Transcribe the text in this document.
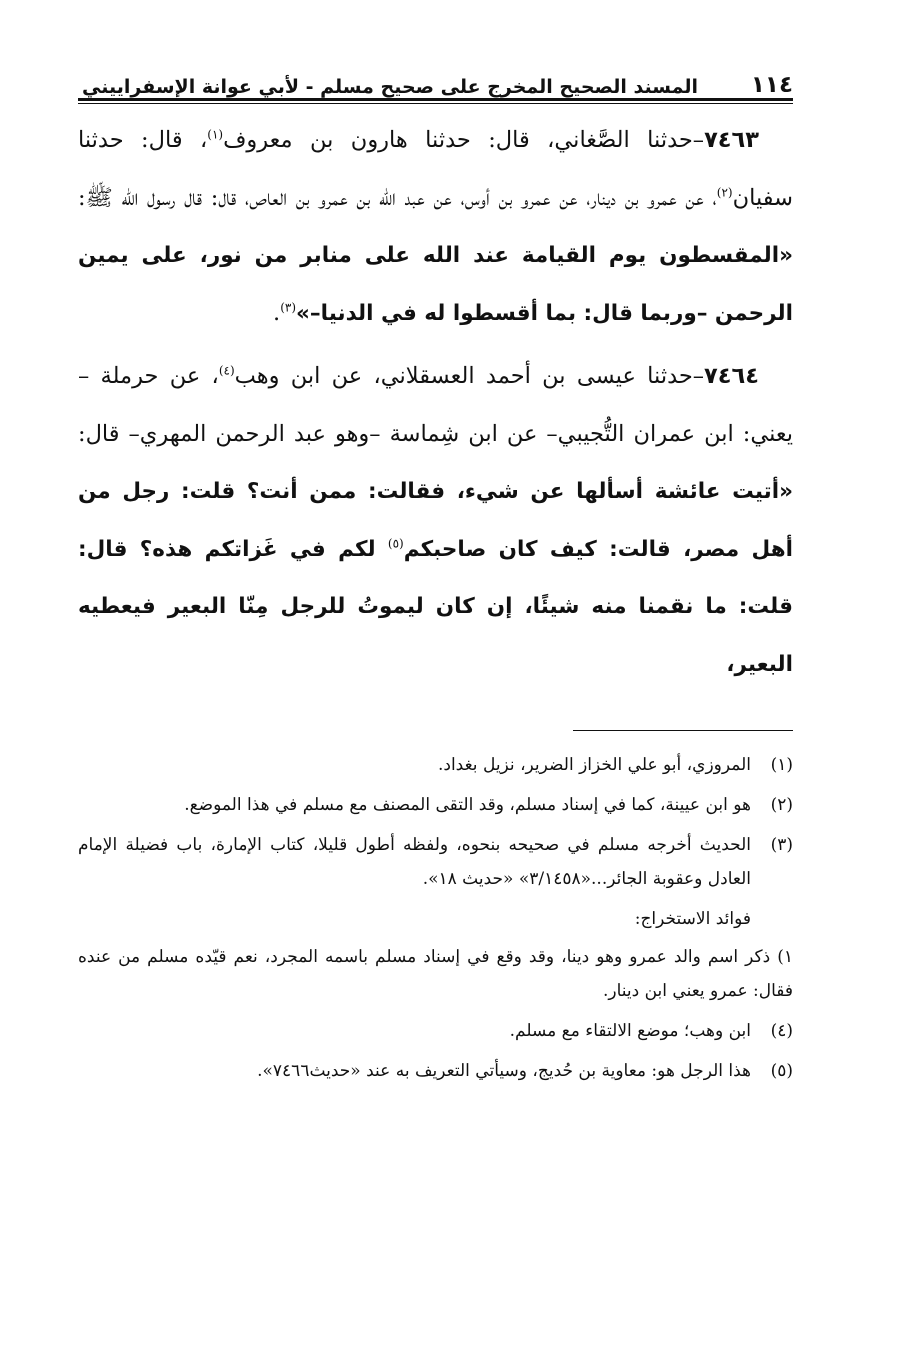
١١٤
المسند الصحيح المخرج على صحيح مسلم - لأبي عوانة الإسفراييني

٧٤٦٣–حدثنا الصَّغاني، قال: حدثنا هارون بن معروف$^{(١)}$، قال: حدثنا سفيان$^{(٢)}$، عن عمرو بن دينار، عن عمرو بن أوس، عن عبد الله بن عمرو بن العاص، قال: قال رسول الله ﷺ: «المقسطون يوم القيامة عند الله على منابر من نور، على يمين الرحمن –وربما قال: بما أقسطوا له في الدنيا–»$^{(٣)}$.

٧٤٦٤–حدثنا عيسى بن أحمد العسقلاني، عن ابن وهب$^{(٤)}$، عن حرملة –يعني: ابن عمران التُّجيبي– عن ابن شِماسة –وهو عبد الرحمن المهري– قال: «أتيت عائشة أسألها عن شيء، فقالت: ممن أنت؟ قلت: رجل من أهل مصر، قالت: كيف كان صاحبكم$^{(٥)}$ لكم في غَزاتكم هذه؟ قال: قلت: ما نقمنا منه شيئًا، إن كان ليموتُ للرجل مِنّا البعير فيعطيه البعير،

(١)
المروزي، أبو علي الخزاز الضرير، نزيل بغداد.
(٢)
هو ابن عيينة، كما في إسناد مسلم، وقد التقى المصنف مع مسلم في هذا الموضع.
(٣)
الحديث أخرجه مسلم في صحيحه بنحوه، ولفظه أطول قليلا، كتاب الإمارة، باب فضيلة الإمام العادل وعقوبة الجائر...«٣/١٤٥٨» «حديث ١٨».
فوائد الاستخراج:
١) ذكر اسم والد عمرو وهو دينا، وقد وقع في إسناد مسلم باسمه المجرد، نعم قيّده مسلم من عنده فقال: عمرو يعني ابن دينار.
(٤)
ابن وهب؛ موضع الالتقاء مع مسلم.
(٥)
هذا الرجل هو: معاوية بن حُديج، وسيأتي التعريف به عند «حديث٧٤٦٦».
